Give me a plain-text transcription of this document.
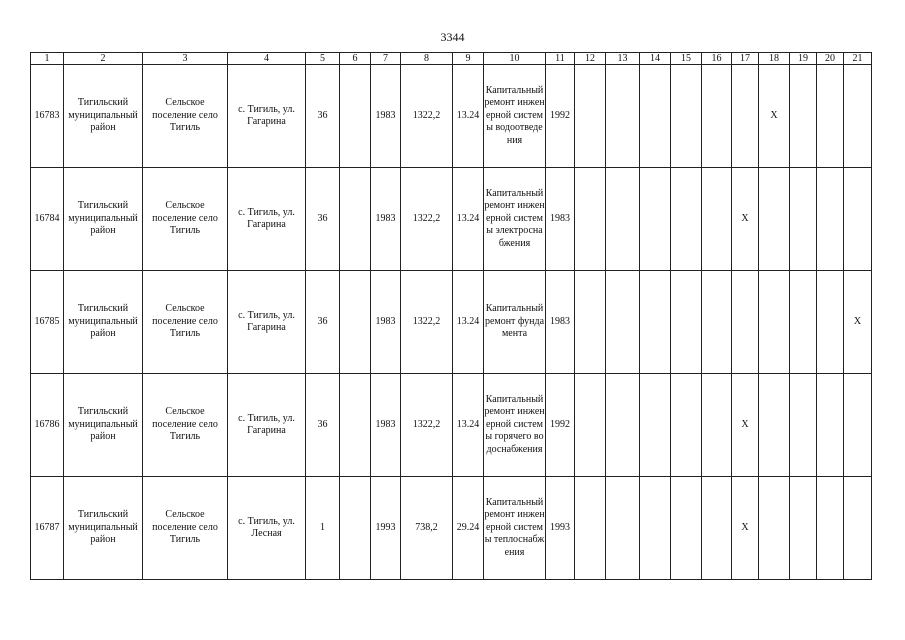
3344
1	2	3	4	5	6	7	8	9	10	11	12	13	14	15	16	17	18	19	20	21
16783	Тигильский муниципальный район	Сельское поселение село Тигиль	с. Тигиль, ул. Гагарина	36		1983	1322,2	13.24	Капитальный ремонт инженерной системы водоотведения	1992							X			
16784	Тигильский муниципальный район	Сельское поселение село Тигиль	с. Тигиль, ул. Гагарина	36		1983	1322,2	13.24	Капитальный ремонт инженерной системы электроснабжения	1983						X				
16785	Тигильский муниципальный район	Сельское поселение село Тигиль	с. Тигиль, ул. Гагарина	36		1983	1322,2	13.24	Капитальный ремонт фундамента	1983										X
16786	Тигильский муниципальный район	Сельское поселение село Тигиль	с. Тигиль, ул. Гагарина	36		1983	1322,2	13.24	Капитальный ремонт инженерной системы горячего водоснабжения	1992						X				
16787	Тигильский муниципальный район	Сельское поселение село Тигиль	с. Тигиль, ул. Лесная	1		1993	738,2	29.24	Капитальный ремонт инженерной системы теплоснабжения	1993						X				
